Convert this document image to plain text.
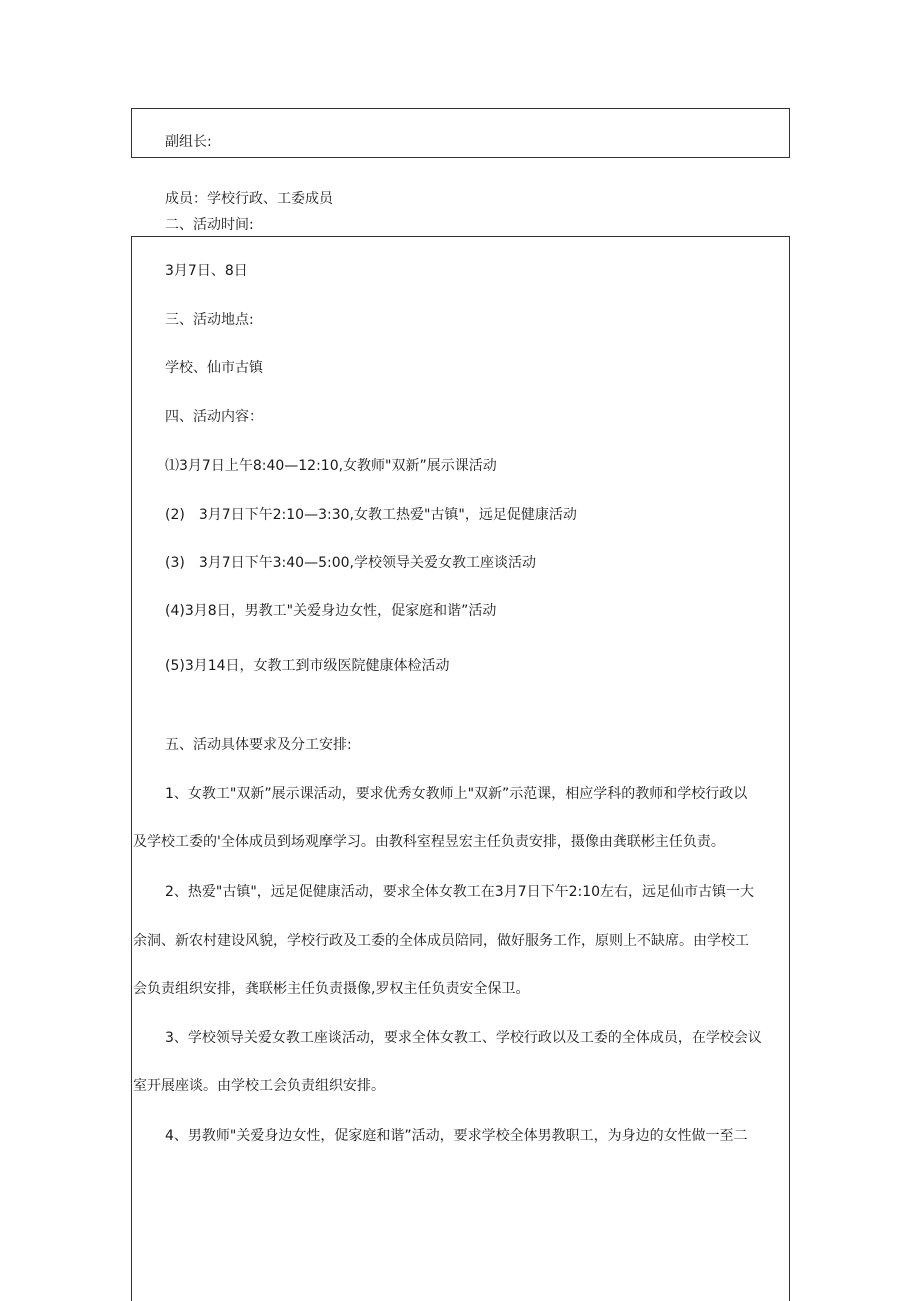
副组长:
成员：学校行政、工委成员
二、活动时间:
3月7日、8日
三、活动地点:
学校、仙市古镇
四、活动内容：
⑴3月7日上午8:40—12:10,女教师"双新”展示课活动
(2)　3月7日下午2:10—3:30,女教工热爱"古镇"，远足促健康活动
(3)　3月7日下午3:40—5:00,学校领导关爱女教工座谈活动
(4)3月8日，男教工"关爱身边女性，促家庭和谐”活动
(5)3月14日，女教工到市级医院健康体检活动
五、活动具体要求及分工安排:
1、女教工"双新”展示课活动，要求优秀女教师上"双新”示范课，相应学科的教师和学校行政以
及学校工委的'全体成员到场观摩学习。由教科室程昱宏主任负责安排，摄像由龚联彬主任负责。
2、热爱"古镇"，远足促健康活动，要求全体女教工在3月7日下午2:10左右，远足仙市古镇一大
余洞、新农村建设风貌，学校行政及工委的全体成员陪同，做好服务工作，原则上不缺席。由学校工
会负责组织安排，龚联彬主任负责摄像,罗权主任负责安全保卫。
3、学校领导关爱女教工座谈活动，要求全体女教工、学校行政以及工委的全体成员，在学校会议
室开展座谈。由学校工会负责组织安排。
4、男教师"关爱身边女性，促家庭和谐”活动，要求学校全体男教职工，为身边的女性做一至二
